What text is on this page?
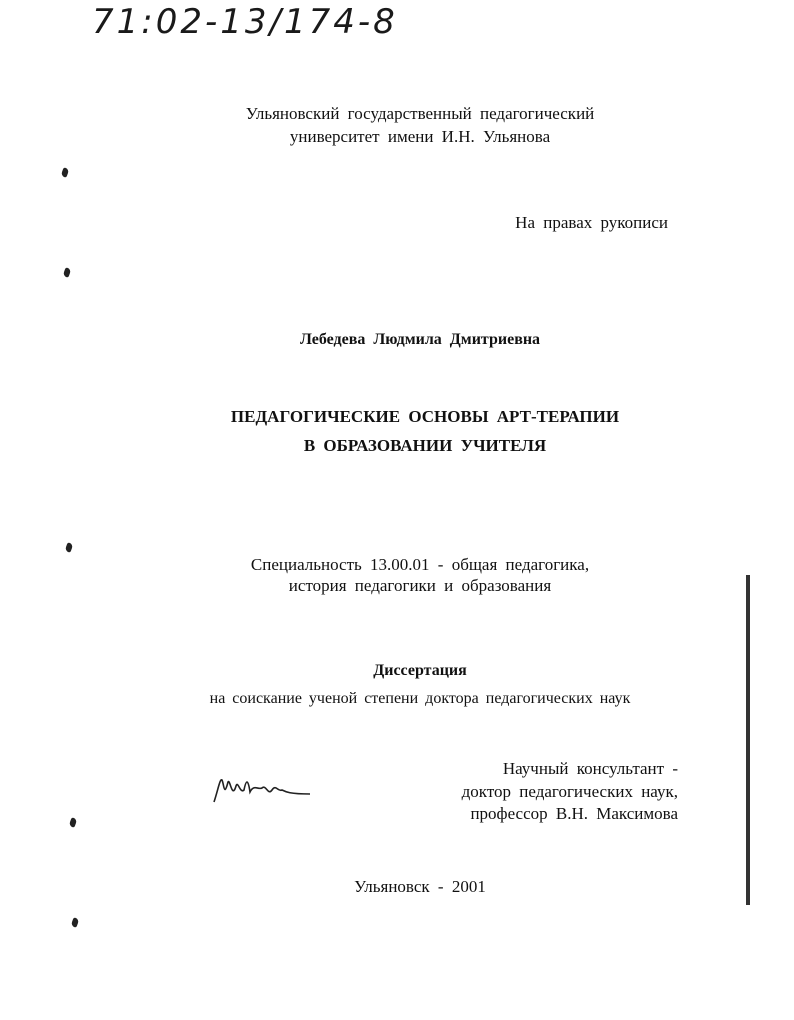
71:02-13/174-8
Ульяновский государственный педагогический
университет имени И.Н. Ульянова
На правах рукописи
Лебедева Людмила Дмитриевна
ПЕДАГОГИЧЕСКИЕ ОСНОВЫ АРТ-ТЕРАПИИ
В ОБРАЗОВАНИИ УЧИТЕЛЯ
Специальность 13.00.01 - общая педагогика,
история педагогики и образования
Диссертация
на соискание ученой степени доктора педагогических наук
Научный консультант -
доктор педагогических наук,
профессор В.Н. Максимова
Ульяновск - 2001
